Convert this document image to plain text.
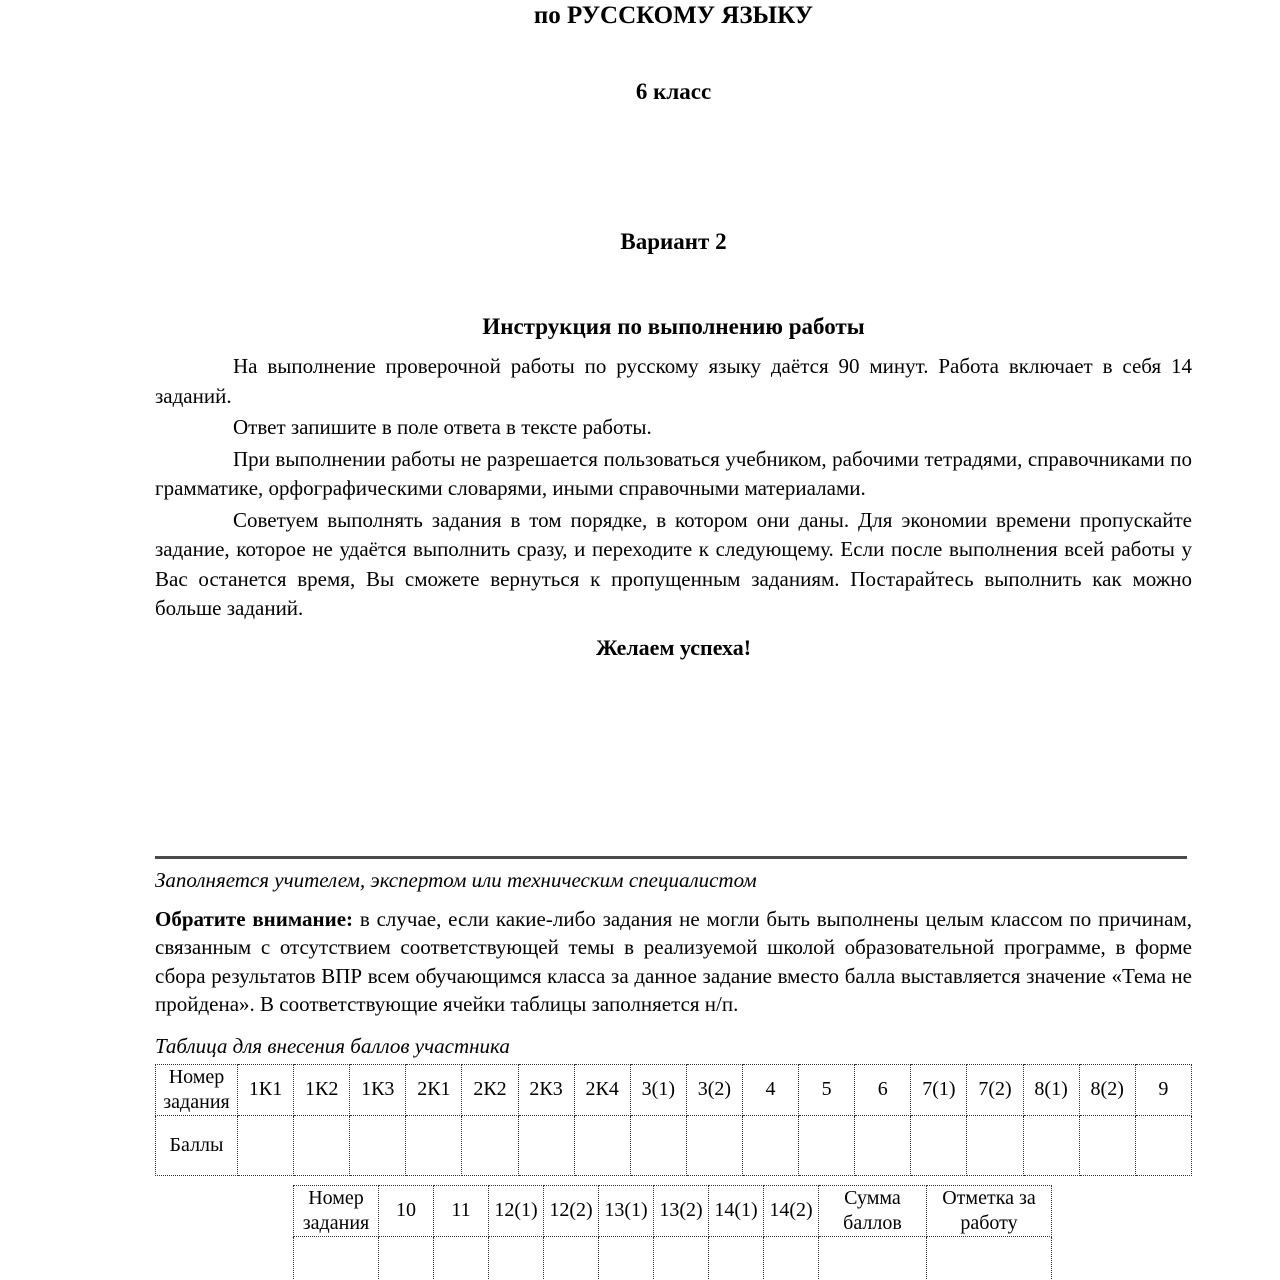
по РУССКОМУ ЯЗЫКУ
6 класс
Вариант 2
Инструкция по выполнению работы

На выполнение проверочной работы по русскому языку даётся 90 минут. Работа включает в себя 14 заданий.

Ответ запишите в поле ответа в тексте работы.

При выполнении работы не разрешается пользоваться учебником, рабочими тетрадями, справочниками по грамматике, орфографическими словарями, иными справочными материалами.

Советуем выполнять задания в том порядке, в котором они даны. Для экономии времени пропускайте задание, которое не удаётся выполнить сразу, и переходите к следующему. Если после выполнения всей работы у Вас останется время, Вы сможете вернуться к пропущенным заданиям. Постарайтесь выполнить как можно больше заданий.

Желаем успеха!
Заполняется учителем, экспертом или техническим специалистом

Обратите внимание: в случае, если какие-либо задания не могли быть выполнены целым классом по причинам, связанным с отсутствием соответствующей темы в реализуемой школой образовательной программе, в форме сбора результатов ВПР всем обучающимся класса за данное задание вместо балла выставляется значение «Тема не пройдена». В соответствующие ячейки таблицы заполняется н/п.

Таблица для внесения баллов участника
Номер задания	1К1	1К2	1К3	2К1	2К2	2К3	2К4	3(1)	3(2)	4	5	6	7(1)	7(2)	8(1)	8(2)	9
Баллы																	
Номер задания	10	11	12(1)	12(2)	13(1)	13(2)	14(1)	14(2)	Сумма баллов	Отметка за работу
